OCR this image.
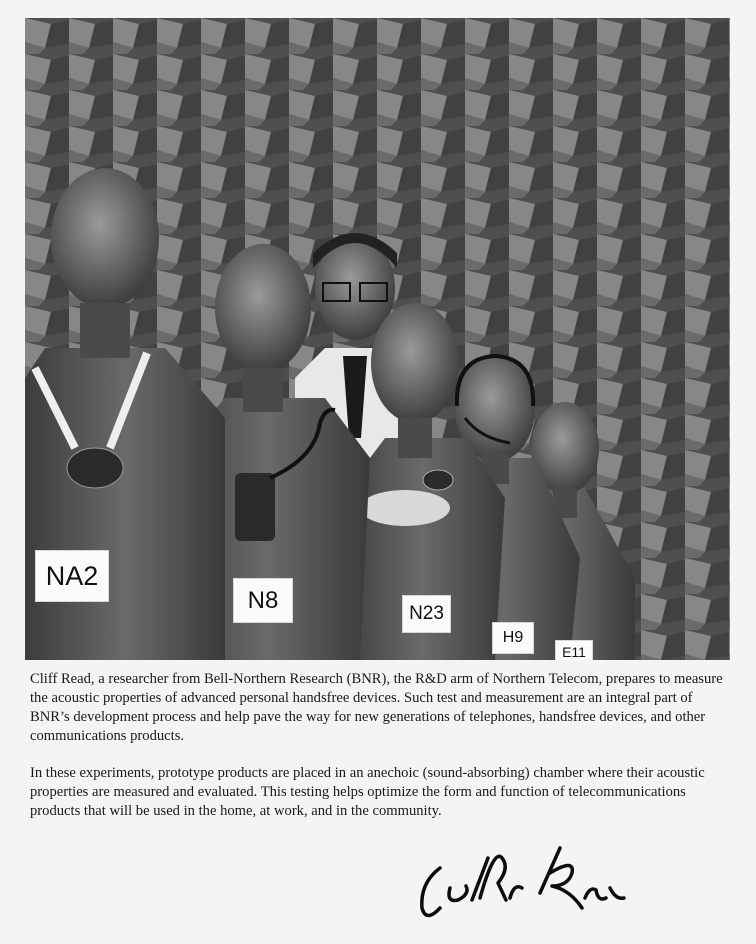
NA2
N8	N23
H9
E11

Cliff Read, a researcher from Bell-Northern Research (BNR), the R&D arm of Northern Telecom, prepares to measure the acoustic properties of advanced personal handsfree devices. Such test and measurement are an integral part of BNR’s development process and help pave the way for new generations of telephones, handsfree devices, and other communications products.

In these experiments, prototype products are placed in an anechoic (sound-absorbing) chamber where their acoustic properties are measured and evaluated. This testing helps optimize the form and function of telecommunications products that will be used in the home, at work, and in the community.
